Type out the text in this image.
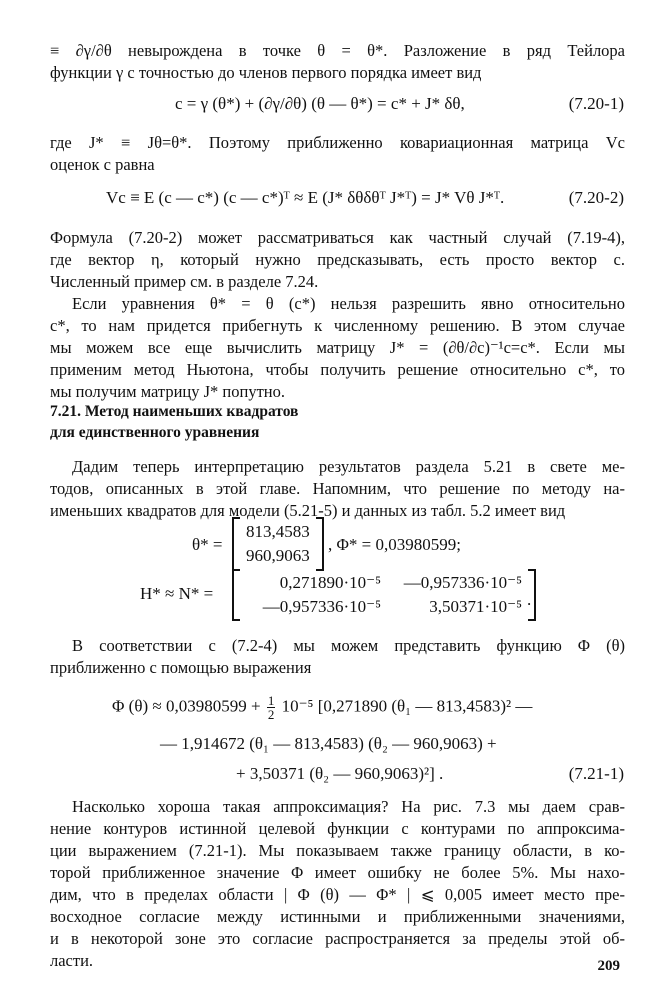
≡ ∂γ/∂θ невырождена в точке θ = θ*. Разложение в ряд Тейлора
функции γ с точностью до членов первого порядка имеет вид
c = γ (θ*) + (∂γ/∂θ) (θ — θ*) = c* + J* δθ,	(7.20-1)
где J* ≡ Jθ=θ*. Поэтому приближенно ковариационная матрица Vc
оценок c равна
Vc ≡ E (c — c*) (c — c*)ᵀ ≈ E (J* δθδθᵀ J*ᵀ) = J* Vθ J*ᵀ.	(7.20-2)
Формула (7.20-2) может рассматриваться как частный случай (7.19-4),
где вектор η, который нужно предсказывать, есть просто вектор c.
Численный пример см. в разделе 7.24.
Если уравнения θ* = θ (c*) нельзя разрешить явно относительно
c*, то нам придется прибегнуть к численному решению. В этом случае
мы можем все еще вычислить матрицу J* = (∂θ/∂c)⁻¹c=c*. Если мы
применим метод Ньютона, чтобы получить решение относительно c*, то
мы получим матрицу J* попутно.
7.21. Метод наименьших квадратов
для единственного уравнения
Дадим теперь интерпретацию результатов раздела 5.21 в свете ме-
тодов, описанных в этой главе. Напомним, что решение по методу на-
именьших квадратов для модели (5.21-5) и данных из табл. 5.2 имеет вид
θ* =
813,4583
960,9063
, Φ* = 0,03980599;
H* ≈ N* =
0,271890·10⁻⁵	—0,957336·10⁻⁵
—0,957336·10⁻⁵	3,50371·10⁻⁵ .
В соответствии с (7.2-4) мы можем представить функцию Φ (θ)
приближенно с помощью выражения
Φ $(\theta) \approx 0,03980599 + \frac{1}{2} 10^{-5}$ [0,271890 (θ₁ — 813,4583)² —
— 1,914672 (θ₁ — 813,4583) (θ₂ — 960,9063) +
+ 3,50371 (θ₂ — 960,9063)²] .	(7.21-1)
Насколько хороша такая аппроксимация? На рис. 7.3 мы даем срав-
нение контуров истинной целевой функции с контурами по аппроксима-
ции выражением (7.21-1). Мы показываем также границу области, в ко-
торой приближенное значение Φ имеет ошибку не более 5%. Мы нахо-
дим, что в пределах области | Φ (θ) — Φ* | ⩽ 0,005 имеет место пре-
восходное согласие между истинными и приближенными значениями,
и в некоторой зоне это согласие распространяется за пределы этой об-
ласти.	209
